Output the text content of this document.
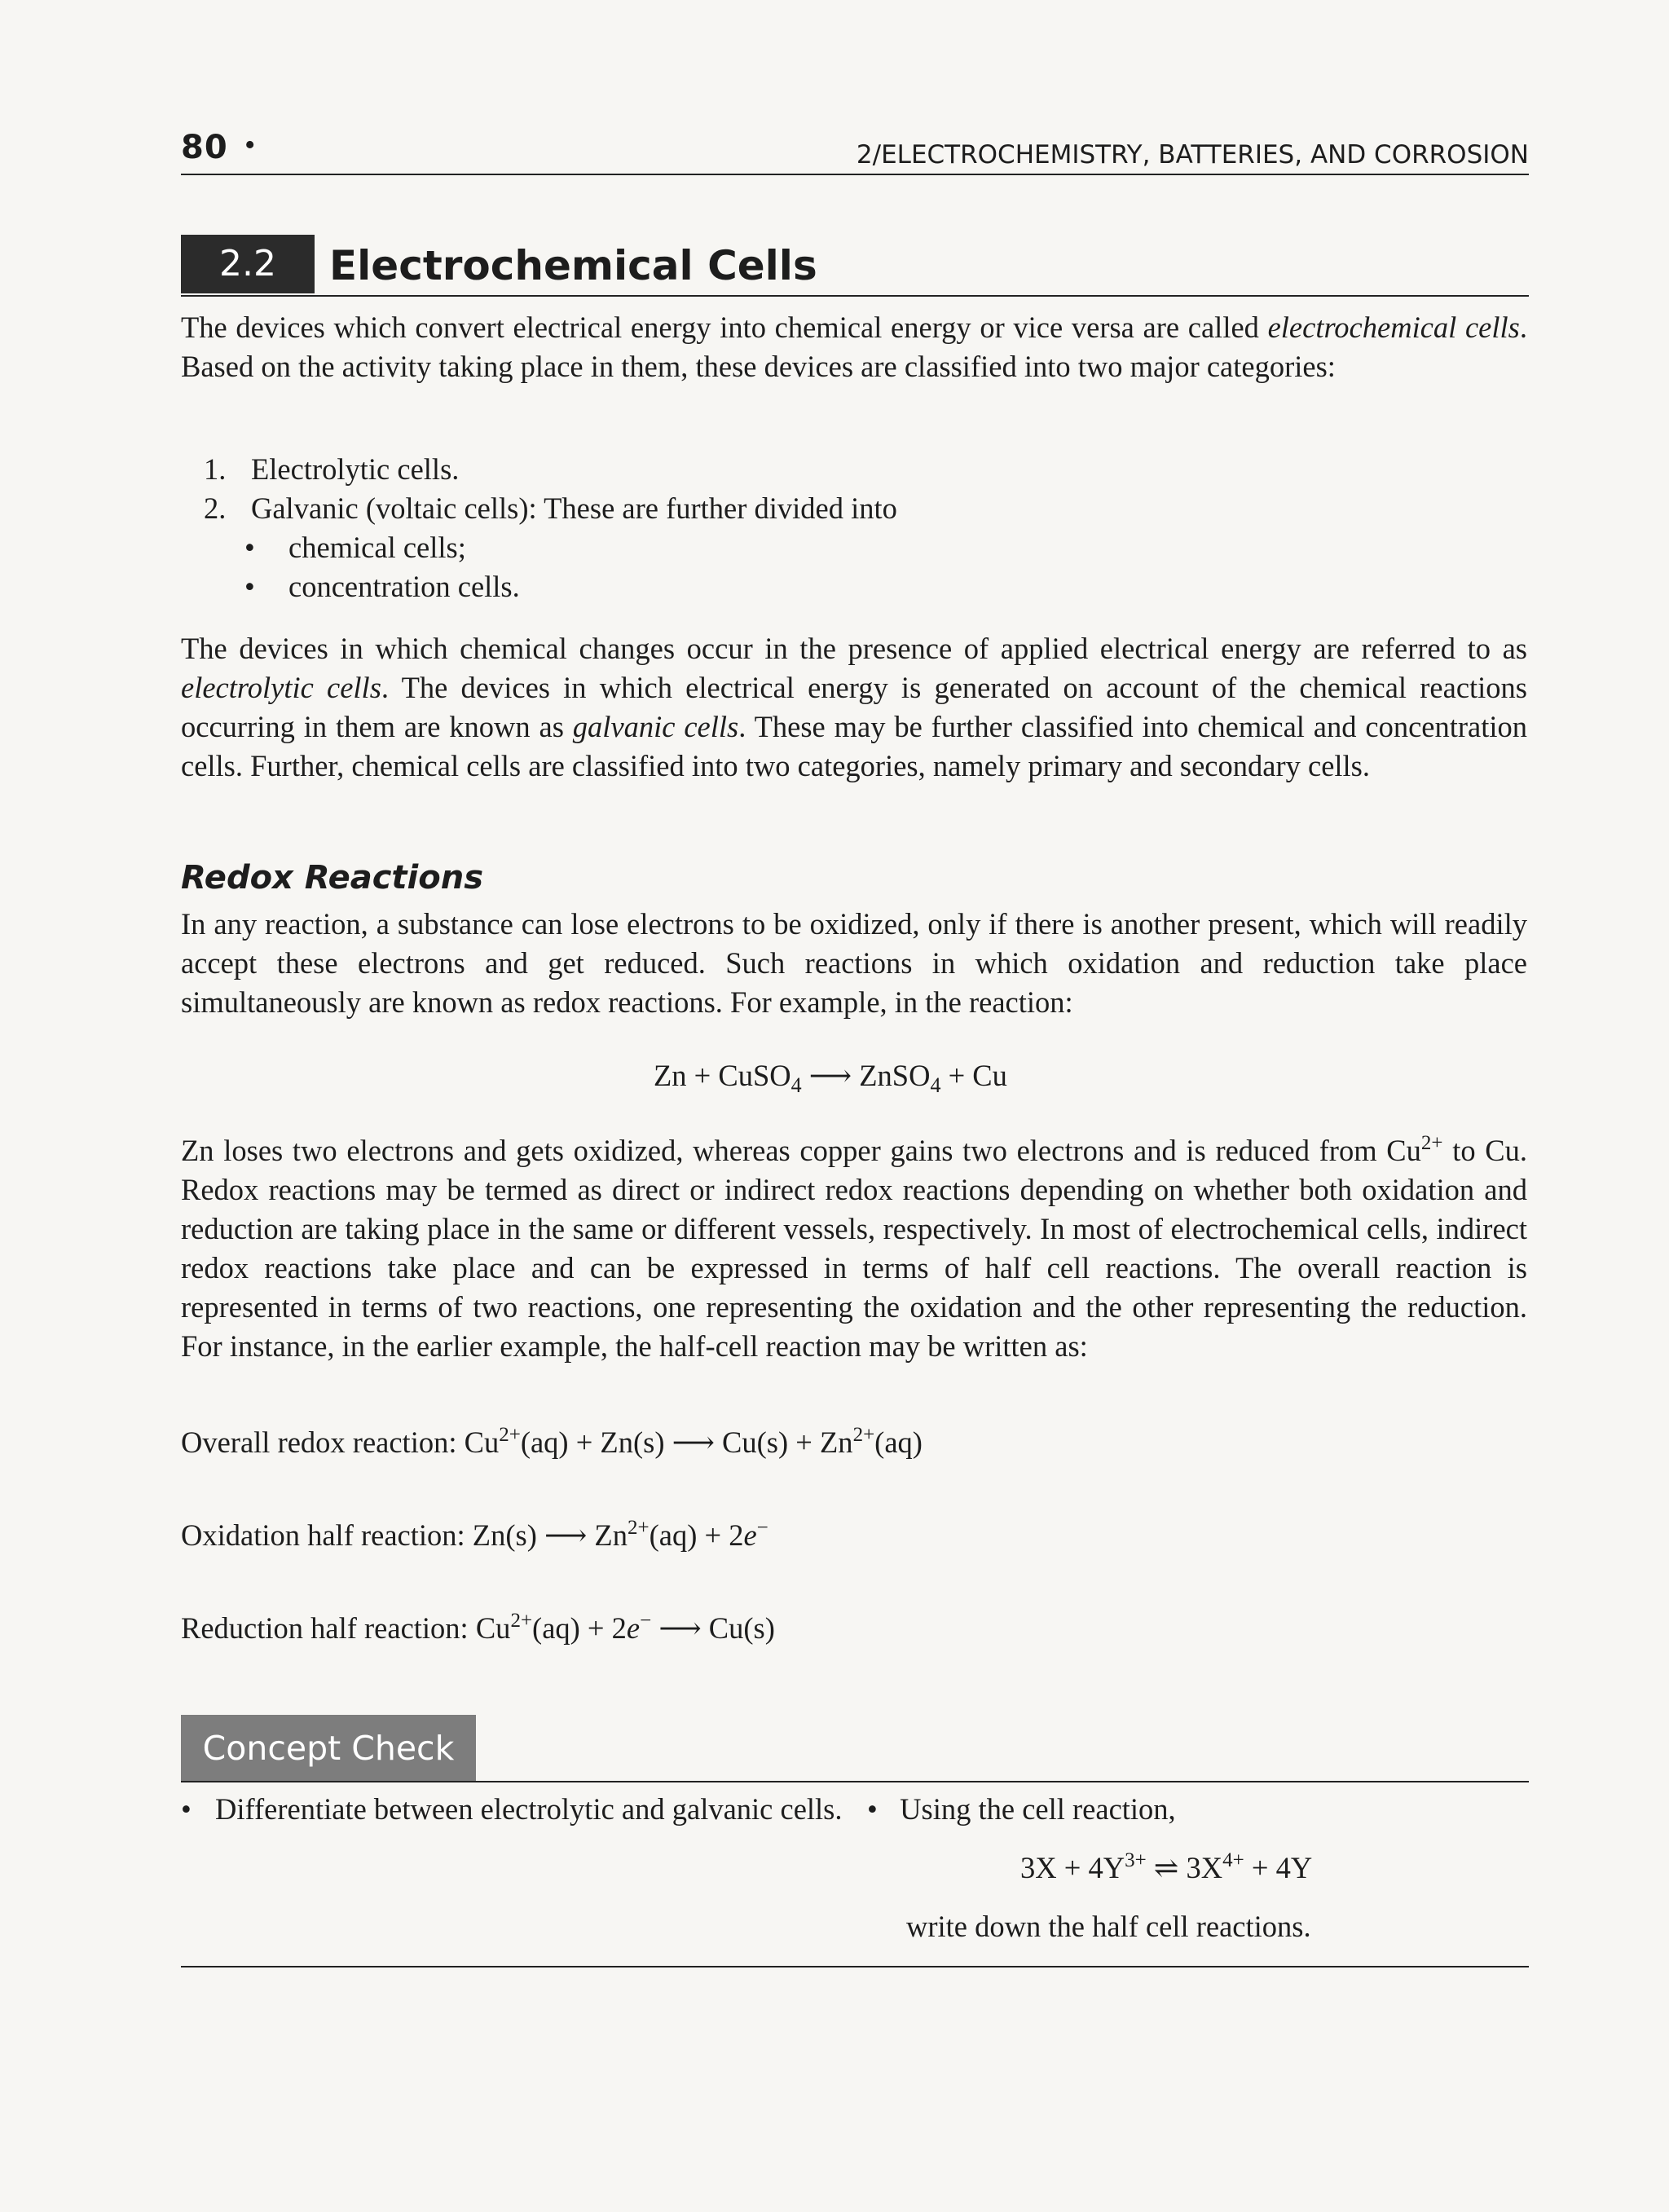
80 •	2/ELECTROCHEMISTRY, BATTERIES, AND CORROSION
2.2	Electrochemical Cells
The devices which convert electrical energy into chemical energy or vice versa are called electrochemical cells. Based on the activity taking place in them, these devices are classified into two major categories:
1. Electrolytic cells.
2. Galvanic (voltaic cells): These are further divided into
• chemical cells;
• concentration cells.
The devices in which chemical changes occur in the presence of applied electrical energy are referred to as electrolytic cells. The devices in which electrical energy is generated on account of the chemical reactions occurring in them are known as galvanic cells. These may be further classified into chemical and concentration cells. Further, chemical cells are classified into two categories, namely primary and secondary cells.
Redox Reactions
In any reaction, a substance can lose electrons to be oxidized, only if there is another present, which will readily accept these electrons and get reduced. Such reactions in which oxidation and reduction take place simultaneously are known as redox reactions. For example, in the reaction:
Zn + CuSO$_4$ ⟶ ZnSO$_4$ + Cu
Zn loses two electrons and gets oxidized, whereas copper gains two electrons and is reduced from $Cu^{2+}$ to Cu. Redox reactions may be termed as direct or indirect redox reactions depending on whether both oxidation and reduction are taking place in the same or different vessels, respectively. In most of electrochemical cells, indirect redox reactions take place and can be expressed in terms of half cell reactions. The overall reaction is represented in terms of two reactions, one representing the oxidation and the other representing the reduction. For instance, in the earlier example, the half-cell reaction may be written as:
Overall redox reaction: $Cu^{2+}(aq) + Zn(s)$ ⟶ $Cu(s) + Zn^{2+}(aq)$
Oxidation half reaction: Zn(s) ⟶ $Zn^{2+}(aq) + 2e^-$
Reduction half reaction: $Cu^{2+}(aq) + 2e^-$ ⟶ Cu(s)
Concept Check
• Differentiate between electrolytic and galvanic cells. • Using the cell reaction,
$3X + 4Y^{3+}$ ⇌ $3X^{4+} + 4Y$
write down the half cell reactions.
